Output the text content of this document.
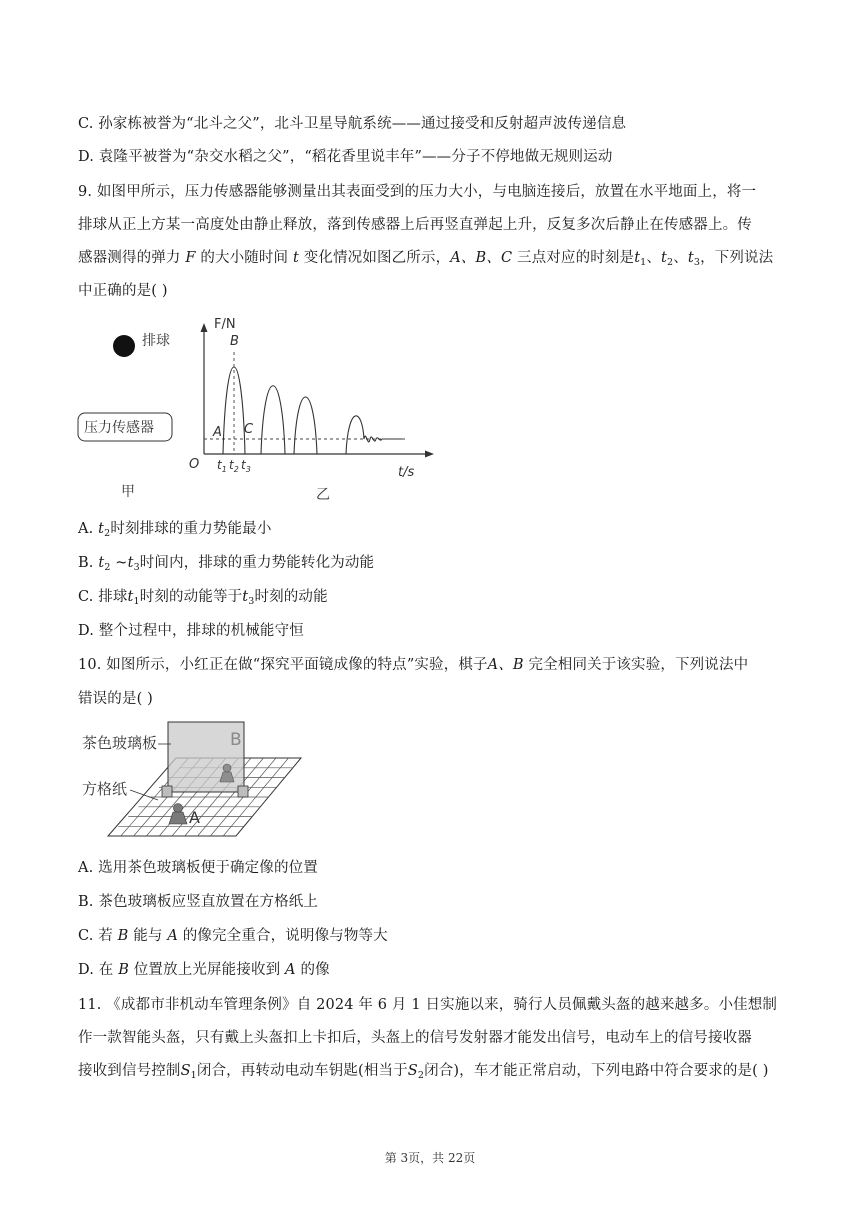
C. 孙家栋被誉为“北斗之父”，北斗卫星导航系统——通过接受和反射超声波传递信息
D. 袁隆平被誉为“杂交水稻之父”，“稻花香里说丰年”——分子不停地做无规则运动
9. 如图甲所示，压力传感器能够测量出其表面受到的压力大小，与电脑连接后，放置在水平地面上，将一
排球从正上方某一高度处由静止释放，落到传感器上后再竖直弹起上升，反复多次后静止在传感器上。传
感器测得的弹力 F 的大小随时间 t 变化情况如图乙所示，A、B、C 三点对应的时刻是$t_1$、$t_2$、$t_3$，下列说法
中正确的是( )
排球
压力传感器
甲
F/N
t/s
O
B
A C
$t_1$ $t_2$ $t_3$
乙
A. $t_2$时刻排球的重力势能最小
B. $t_2$ $\sim t_3$时间内，排球的重力势能转化为动能
C. 排球$t_1$时刻的动能等于$t_3$时刻的动能
D. 整个过程中，排球的机械能守恒
10. 如图所示，小红正在做“探究平面镜成像的特点”实验，棋子A、B 完全相同关于该实验，下列说法中
错误的是( )
B
A
茶色玻璃板
方格纸
A. 选用茶色玻璃板便于确定像的位置
B. 茶色玻璃板应竖直放置在方格纸上
C. 若 B 能与 A 的像完全重合，说明像与物等大
D. 在 B 位置放上光屏能接收到 A 的像
11. 《成都市非机动车管理条例》自 2024 年 6 月 1 日实施以来，骑行人员佩戴头盔的越来越多。小佳想制
作一款智能头盔，只有戴上头盔扣上卡扣后，头盔上的信号发射器才能发出信号，电动车上的信号接收器
接收到信号控制$S_1$闭合，再转动电动车钥匙(相当于$S_2$闭合)，车才能正常启动，下列电路中符合要求的是( )
第 3页，共 22页
